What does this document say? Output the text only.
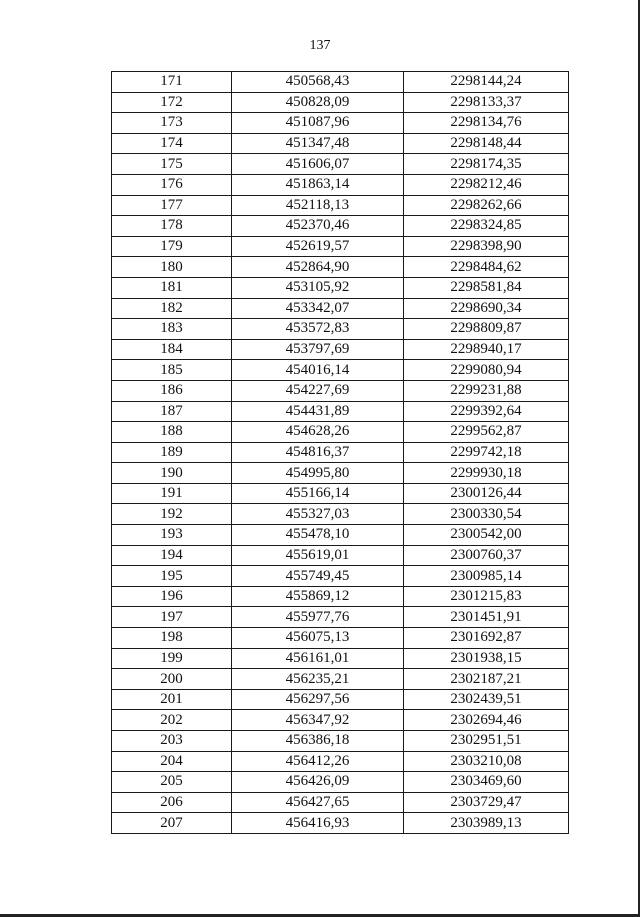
137
171	450568,43	2298144,24
172	450828,09	2298133,37
173	451087,96	2298134,76
174	451347,48	2298148,44
175	451606,07	2298174,35
176	451863,14	2298212,46
177	452118,13	2298262,66
178	452370,46	2298324,85
179	452619,57	2298398,90
180	452864,90	2298484,62
181	453105,92	2298581,84
182	453342,07	2298690,34
183	453572,83	2298809,87
184	453797,69	2298940,17
185	454016,14	2299080,94
186	454227,69	2299231,88
187	454431,89	2299392,64
188	454628,26	2299562,87
189	454816,37	2299742,18
190	454995,80	2299930,18
191	455166,14	2300126,44
192	455327,03	2300330,54
193	455478,10	2300542,00
194	455619,01	2300760,37
195	455749,45	2300985,14
196	455869,12	2301215,83
197	455977,76	2301451,91
198	456075,13	2301692,87
199	456161,01	2301938,15
200	456235,21	2302187,21
201	456297,56	2302439,51
202	456347,92	2302694,46
203	456386,18	2302951,51
204	456412,26	2303210,08
205	456426,09	2303469,60
206	456427,65	2303729,47
207	456416,93	2303989,13
